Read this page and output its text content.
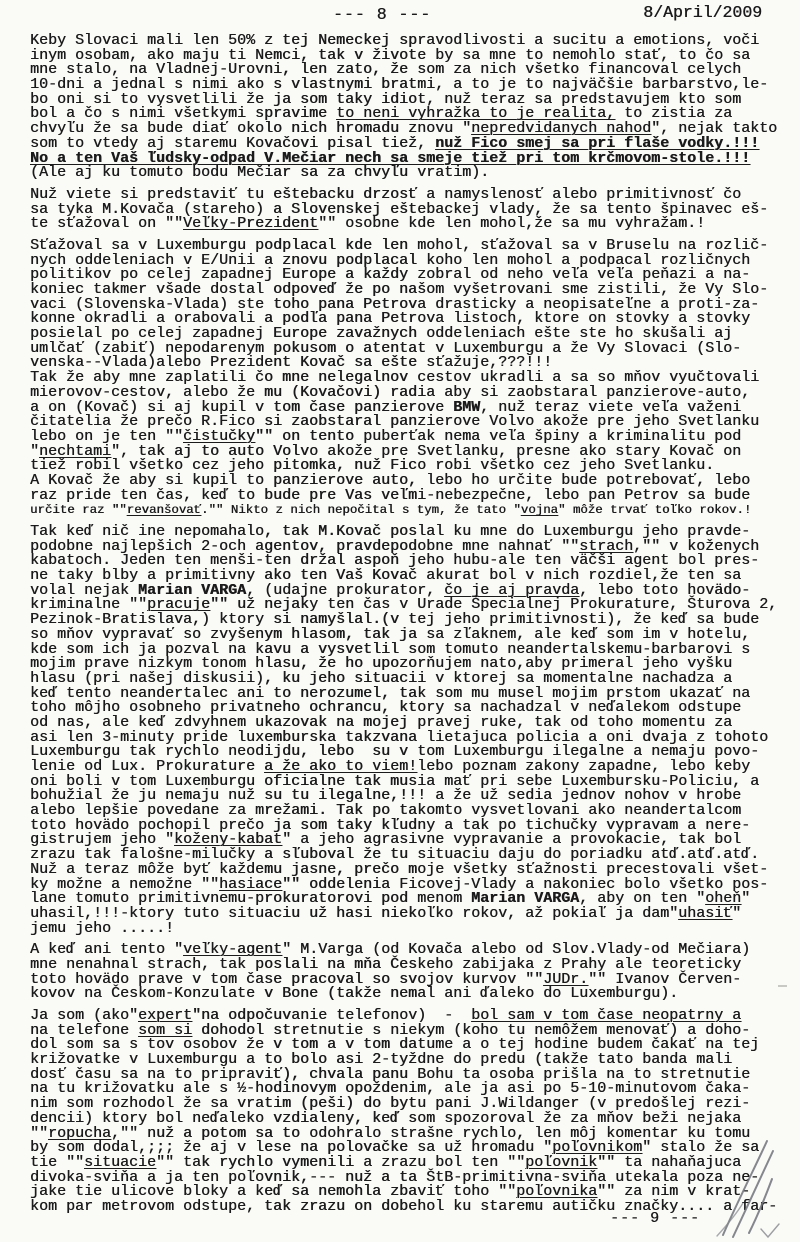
--- 8 ---	8/April/2009
Keby Slovaci mali len 50% z tej Nemeckej spravodlivosti a sucitu a emotions, voči
inym osobam, ako maju ti Nemci, tak v živote by sa mne to nemohlo stať, to čo sa
mne stalo, na Vladnej-Urovni, len zato, že som za nich všetko financoval celych
10-dni a jednal s nimi ako s vlastnymi bratmi, a to je to najväčšie barbarstvo,le-
bo oni si to vysvetlili že ja som taky idiot, nuž teraz sa predstavujem kto som
bol a čo s nimi všetkymi spravime to neni vyhražka to je realita, to zistia za
chvyľu že sa bude diať okolo nich hromadu znovu "nepredvidanych nahod", nejak takto
som to vtedy aj staremu Kovačovi pisal tiež, nuž Fico smej sa pri flaše vodky.!!!
No a ten Vaš ľudsky-odpad V.Mečiar nech sa smeje tiež pri tom krčmovom-stole.!!!
(Ale aj ku tomuto bodu Mečiar sa za chvyľu vratim).
Nuž viete si predstaviť tu eštebacku drzosť a namyslenosť alebo primitivnosť čo
sa tyka M.Kovača (stareho) a Slovenskej eštebackej vlady, že sa tento špinavec eš-
te sťažoval on ""Veľky-Prezident"" osobne kde len mohol,že sa mu vyhražam.!
Sťažoval sa v Luxemburgu podplacal kde len mohol, sťažoval sa v Bruselu na rozlič-
nych oddeleniach v E/Unii a znovu podplacal koho len mohol a podpacal rozličnych
politikov po celej zapadnej Europe a každy zobral od neho veľa veľa peňazi a na-
koniec takmer všade dostal odpoveď že po našom vyšetrovani sme zistili, že Vy Slo-
vaci (Slovenska-Vlada) ste toho pana Petrova drasticky a neopisateľne a proti-za-
konne okradli a orabovali a podľa pana Petrova listoch, ktore on stovky a stovky
posielal po celej zapadnej Europe zavažnych oddeleniach ešte ste ho skušali aj
umlčať (zabiť) nepodarenym pokusom o atentat v Luxemburgu a že Vy Slovaci (Slo-
venska--Vlada)alebo Prezident Kovač sa ešte sťažuje,???!!!
Tak že aby mne zaplatili čo mne nelegalnov cestov ukradli a sa so mňov vyučtovali
mierovov-cestov, alebo že mu (Kovačovi) radia aby si zaobstaral panzierove-auto,
a on (Kovač) si aj kupil v tom čase panzierove BMW, nuž teraz viete veľa važeni
čitatelia že prečo R.Fico si zaobstaral panzierove Volvo akože pre jeho Svetlanku
lebo on je ten ""čistučky"" on tento puberťak nema veľa špiny a kriminalitu pod
"nechtami", tak aj to auto Volvo akože pre Svetlanku, presne ako stary Kovač on
tiež robil všetko cez jeho pitomka, nuž Fico robi všetko cez jeho Svetlanku.
A Kovač že aby si kupil to panzierove auto, lebo ho určite bude potrebovať, lebo
raz pride ten čas, keď to bude pre Vas veľmi-nebezpečne, lebo pan Petrov sa bude
určite raz ""revanšovať."" Nikto z nich nepočital s tym, že tato "vojna" môže trvať toľko rokov.!
Tak keď nič ine nepomahalo, tak M.Kovač poslal ku mne do Luxemburgu jeho pravde-
podobne najlepšich 2-och agentov, pravdepodobne mne nahnať ""strach,"" v koženych
kabatoch. Jeden ten menši-ten držal aspoň jeho hubu-ale ten väčši agent bol pres-
ne taky blby a primitivny ako ten Vaš Kovač akurat bol v nich rozdiel,že ten sa
volal nejak Marian VARGA, (udajne prokurator, čo je aj pravda, lebo toto hovädo-
kriminalne ""pracuje"" už nejaky ten čas v Urade Špecialnej Prokurature, Šturova 2,
Pezinok-Bratislava,) ktory si namyšlal.(v tej jeho primitivnosti), že keď sa bude
so mňov vypravať so zvyšenym hlasom, tak ja sa zľaknem, ale keď som im v hotelu,
kde som ich ja pozval na kavu a vysvetlil som tomuto neandertalskemu-barbarovi s
mojim prave nizkym tonom hlasu, že ho upozorňujem nato,aby primeral jeho vyšku
hlasu (pri našej diskusii), ku jeho situacii v ktorej sa momentalne nachadza a
keď tento neandertalec ani to nerozumel, tak som mu musel mojim prstom ukazať na
toho môjho osobneho privatneho ochrancu, ktory sa nachadzal v neďalekom odstupe
od nas, ale keď zdvyhnem ukazovak na mojej pravej ruke, tak od toho momentu za
asi len 3-minuty pride luxemburska takzvana lietajuca policia a oni dvaja z tohoto
Luxemburgu tak rychlo neodijdu, lebo  su v tom Luxemburgu ilegalne a nemaju povo-
lenie od Lux. Prokurature a že ako to viem!lebo poznam zakony zapadne, lebo keby
oni boli v tom Luxemburgu oficialne tak musia mať pri sebe Luxembursku-Policiu, a
bohužial že ju nemaju nuž su tu ilegalne,!!! a že už sedia jednov nohov v hrobe
alebo lepšie povedane za mrežami. Tak po takomto vysvetlovani ako neandertalcom
toto hovädo pochopil prečo ja som taky kľudny a tak po tichučky vypravam a nere-
gistrujem jeho "koženy-kabat" a jeho agrasivne vypravanie a provokacie, tak bol
zrazu tak falošne-milučky a sľuboval že tu situaciu daju do poriadku atď.atď.atď.
Nuž a teraz môže byť každemu jasne, prečo moje všetky sťažnosti precestovali všet-
ky možne a nemožne ""hasiace"" oddelenia Ficovej-Vlady a nakoniec bolo všetko pos-
lane tomuto primitivnemu-prokuratorovi pod menom Marian VARGA, aby on ten "oheň"
uhasil,!!!-ktory tuto situaciu už hasi niekoľko rokov, až pokiaľ ja dam"uhasiť"
jemu jeho .....!
A keď ani tento "veľky-agent" M.Varga (od Kovača alebo od Slov.Vlady-od Mečiara)
mne nenahnal strach, tak poslali na mňa Českeho zabijaka z Prahy ale teoreticky
toto hovädo prave v tom čase pracoval so svojov kurvov ""JUDr."" Ivanov Červen-
kovov na Českom-Konzulate v Bone (takže nemal ani ďaleko do Luxemburgu).
Ja som (ako"expert"na odpočuvanie telefonov)  -  bol sam v tom čase neopatrny a
na telefone som si dohodol stretnutie s niekym (koho tu nemôžem menovať) a doho-
dol som sa s tov osobov že v tom a v tom datume a o tej hodine budem čakať na tej
križovatke v Luxemburgu a to bolo asi 2-tyždne do predu (takže tato banda mali
dosť času sa na to pripraviť), chvala panu Bohu ta osoba prišla na to stretnutie
na tu križovatku ale s ½-hodinovym opoždenim, ale ja asi po 5-10-minutovom čaka-
nim som rozhodol že sa vratim (peši) do bytu pani J.Wildanger (v predošlej rezi-
dencii) ktory bol neďaleko vzdialeny, keď som spozoroval že za mňov beži nejaka
""ropucha,"" nuž a potom sa to odohralo strašne rychlo, len môj komentar ku tomu
by som dodal,;;; že aj v lese na polovačke sa už hromadu "poľovnikom" stalo že sa
tie ""situacie"" tak rychlo vymenili a zrazu bol ten ""poľovnik"" ta nahaňajuca
divoka-sviňa a ja ten poľovnik,--- nuž a ta ŠtB-primitivna-sviňa utekala poza ne-
jake tie ulicove bloky a keď sa nemohla zbaviť toho ""poľovnika"" za nim v krat-
kom par metrovom odstupe, tak zrazu on dobehol ku staremu autičku značky.... a far-
--- 9 ---
